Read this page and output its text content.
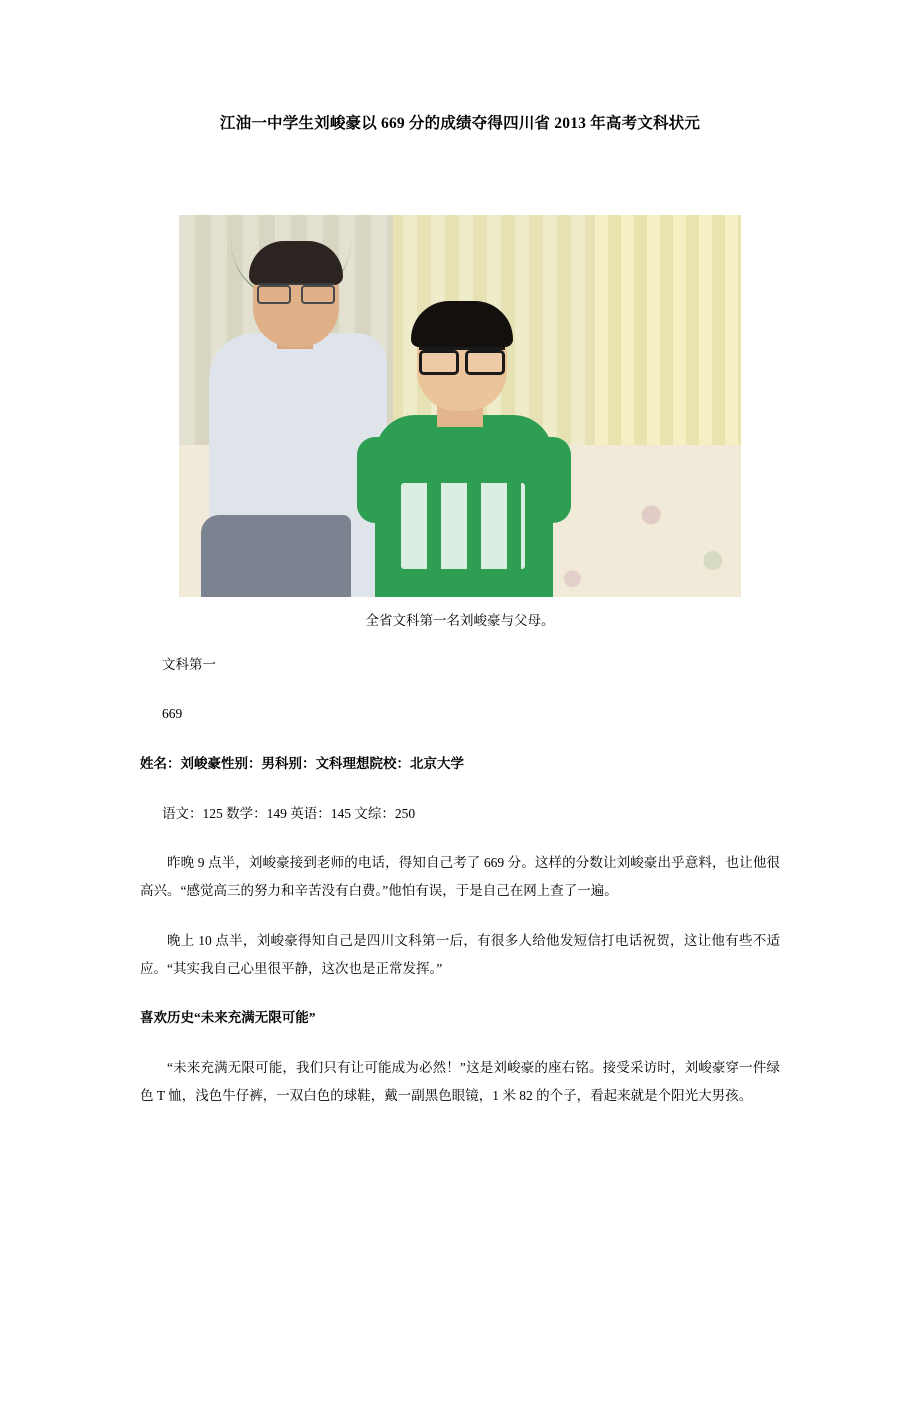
江油一中学生刘峻豪以 669 分的成绩夺得四川省 2013 年高考文科状元
全省文科第一名刘峻豪与父母。

文科第一

669

姓名：刘峻豪性别：男科别：文科理想院校：北京大学

语文：125 数学：149 英语：145 文综：250

昨晚 9 点半，刘峻豪接到老师的电话，得知自己考了 669 分。这样的分数让刘峻豪出乎意料，也让他很高兴。“感觉高三的努力和辛苦没有白费。”他怕有误，于是自己在网上查了一遍。

晚上 10 点半，刘峻豪得知自己是四川文科第一后，有很多人给他发短信打电话祝贺，这让他有些不适应。“其实我自己心里很平静，这次也是正常发挥。”

喜欢历史“未来充满无限可能”

“未来充满无限可能，我们只有让可能成为必然！”这是刘峻豪的座右铭。接受采访时，刘峻豪穿一件绿色 T 恤，浅色牛仔裤，一双白色的球鞋，戴一副黑色眼镜，1 米 82 的个子，看起来就是个阳光大男孩。
